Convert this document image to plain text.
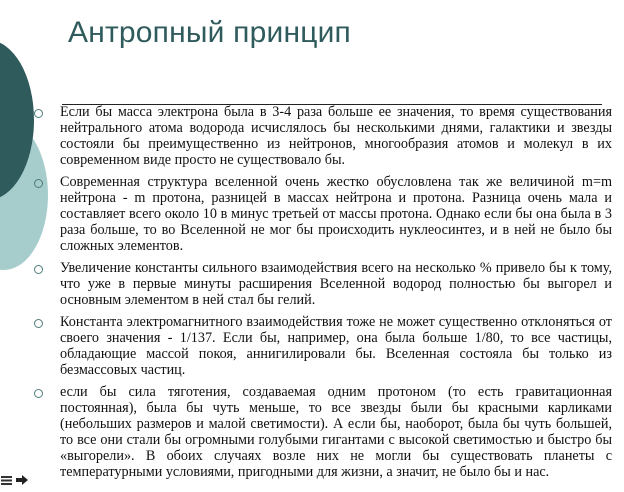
Антропный принцип

Если бы масса электрона была в 3-4 раза больше ее значения, то время существования нейтрального атома водорода исчислялось бы несколькими днями, галактики и звезды состояли бы преимущественно из нейтронов, многообразия атомов и молекул в их современном виде просто не существовало бы.

Современная структура вселенной очень жестко обусловлена так же величиной m=m нейтрона - m протона, разницей в массах нейтрона и протона. Разница очень мала и составляет всего около 10 в минус третьей от массы протона. Однако если бы она была в 3 раза больше, то во Вселенной не мог бы происходить нуклеосинтез, и в ней не было бы сложных элементов.

Увеличение константы сильного взаимодействия всего на несколько % привело бы к тому, что уже в первые минуты расширения Вселенной водород полностью бы выгорел и основным элементом в ней стал бы гелий.

Константа электромагнитного взаимодействия тоже не может существенно отклоняться от своего значения - 1/137. Если бы, например, она была больше 1/80, то все частицы, обладающие массой покоя, аннигилировали бы. Вселенная состояла бы только из безмассовых частиц.

если бы сила тяготения, создаваемая одним протоном (то есть гравитационная постоянная), была бы чуть меньше, то все звезды были бы красными карликами (небольших размеров и малой светимости). А если бы, наоборот, была бы чуть большей, то все они стали бы огромными голубыми гигантами с высокой светимостью и быстро бы «выгорели». В обоих случаях возле них не могли бы существовать планеты с температурными условиями, пригодными для жизни, а значит, не было бы и нас.
